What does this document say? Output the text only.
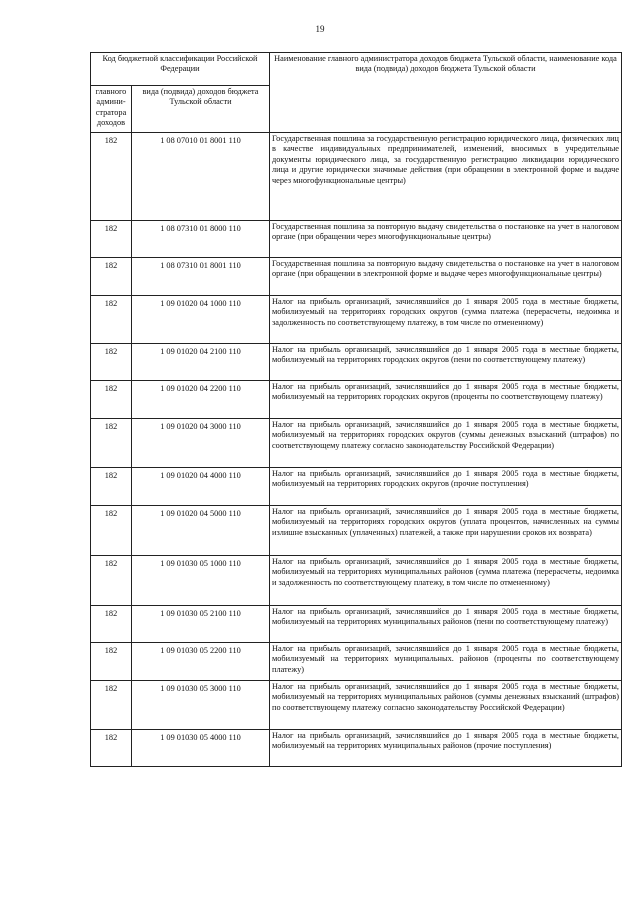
19
Код бюджетной классификации Российской Федерации		Наименование главного администратора доходов бюджета Тульской области, наименование кода вида (подвида) доходов бюджета Тульской области
главного админи-стратора доходов	вида (подвида) доходов бюджета Тульской области	
182	1 08 07010 01 8001 110	Государственная пошлина за государственную регистрацию юридического лица, физических лиц в качестве индивидуальных предпринимателей, изменений, вносимых в учредительные документы юридического лица, за государственную регистрацию ликвидации юридического лица и другие юридически значимые действия (при обращении в электронной форме и выдаче через многофункциональные центры)
182	1 08 07310 01 8000 110	Государственная пошлина за повторную выдачу свидетельства о постановке на учет в налоговом органе (при обращении через многофункциональные центры)
182	1 08 07310 01 8001 110	Государственная пошлина за повторную выдачу свидетельства о постановке на учет в налоговом органе (при обращении в электронной форме и выдаче через многофункциональные центры)
182	1 09 01020 04 1000 110	Налог на прибыль организаций, зачислявшийся до 1 января 2005 года в местные бюджеты, мобилизуемый на территориях городских округов (сумма платежа (перерасчеты, недоимка и задолженность по соответствующему платежу, в том числе по отмененному)
182	1 09 01020 04 2100 110	Налог на прибыль организаций, зачислявшийся до 1 января 2005 года в местные бюджеты, мобилизуемый на территориях городских округов (пени по соответствующему платежу)
182	1 09 01020 04 2200 110	Налог на прибыль организаций, зачислявшийся до 1 января 2005 года в местные бюджеты, мобилизуемый на территориях городских округов (проценты по соответствующему платежу)
182	1 09 01020 04 3000 110	Налог на прибыль организаций, зачислявшийся до 1 января 2005 года в местные бюджеты, мобилизуемый на территориях городских округов (суммы денежных взысканий (штрафов) по соответствующему платежу согласно законодательству Российской Федерации)
182	1 09 01020 04 4000 110	Налог на прибыль организаций, зачислявшийся до 1 января 2005 года в местные бюджеты, мобилизуемый на территориях городских округов (прочие поступления)
182	1 09 01020 04 5000 110	Налог на прибыль организаций, зачислявшийся до 1 января 2005 года в местные бюджеты, мобилизуемый на территориях городских округов (уплата процентов, начисленных на суммы излишне взысканных (уплаченных) платежей, а также при нарушении сроков их возврата)
182	1 09 01030 05 1000 110	Налог на прибыль организаций, зачислявшийся до 1 января 2005 года в местные бюджеты, мобилизуемый на территориях муниципальных районов (сумма платежа (перерасчеты, недоимка и задолженность по соответствующему платежу, в том числе по отмененному)
182	1 09 01030 05 2100 110	Налог на прибыль организаций, зачислявшийся до 1 января 2005 года в местные бюджеты, мобилизуемый на территориях муниципальных районов (пени по соответствующему платежу)
182	1 09 01030 05 2200 110	Налог на прибыль организаций, зачислявшийся до 1 января 2005 года в местные бюджеты, мобилизуемый на территориях муниципальных. районов (проценты по соответствующему платежу)
182	1 09 01030 05 3000 110	Налог на прибыль организаций, зачислявшийся до 1 января 2005 года в местные бюджеты, мобилизуемый на территориях муниципальных районов (суммы денежных взысканий (штрафов) по соответствующему платежу согласно законодательству Российской Федерации)
182	1 09 01030 05 4000 110	Налог на прибыль организаций, зачислявшийся до 1 января 2005 года в местные бюджеты, мобилизуемый на территориях муниципальных районов (прочие поступления)
